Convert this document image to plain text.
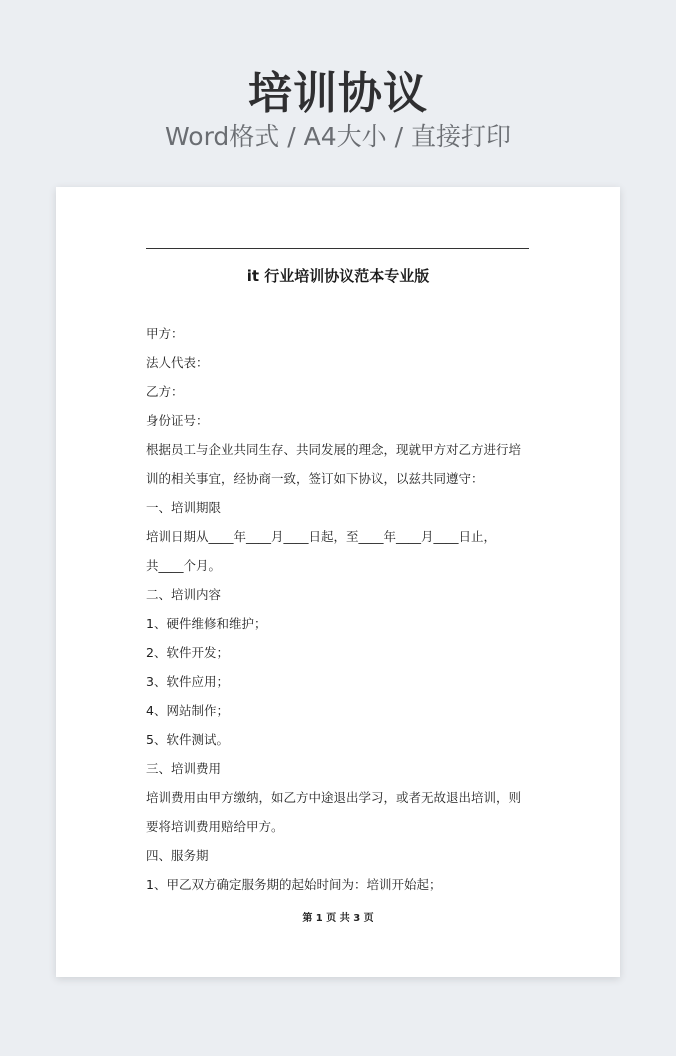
培训协议
Word格式 / A4大小 / 直接打印
it 行业培训协议范本专业版
甲方：
法人代表：
乙方：
身份证号：
根据员工与企业共同生存、共同发展的理念，现就甲方对乙方进行培
训的相关事宜，经协商一致，签订如下协议，以兹共同遵守：
一、培训期限
培训日期从____年____月____日起，至____年____月____日止，
共____个月。
二、培训内容
1、硬件维修和维护；
2、软件开发；
3、软件应用；
4、网站制作；
5、软件测试。
三、培训费用
培训费用由甲方缴纳，如乙方中途退出学习，或者无故退出培训，则
要将培训费用赔给甲方。
四、服务期
1、甲乙双方确定服务期的起始时间为：培训开始起；
第 1 页 共 3 页
